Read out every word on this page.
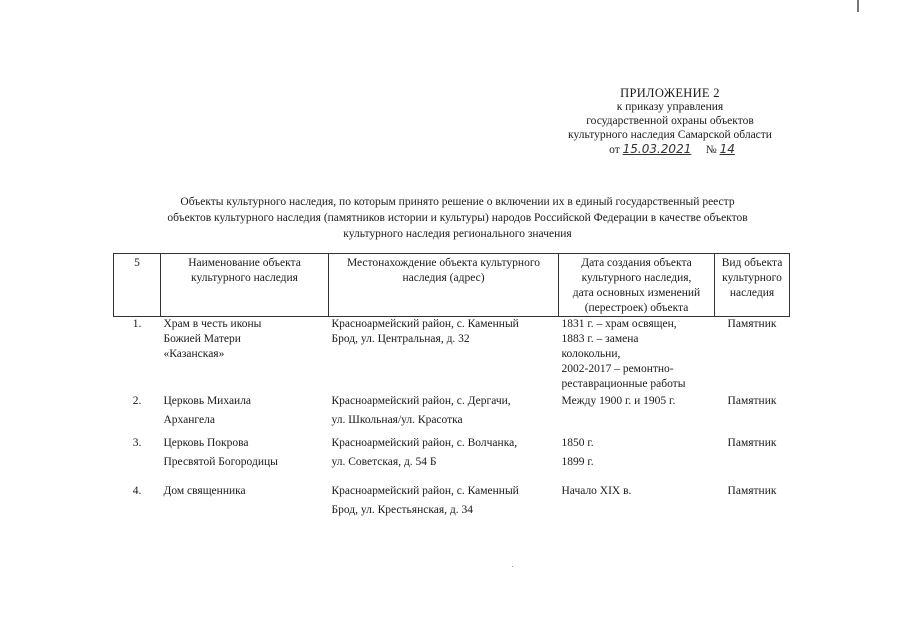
ПРИЛОЖЕНИЕ 2
к приказу управления
государственной охраны объектов
культурного наследия Самарской области
от 15.03.2021 № 14
Объекты культурного наследия, по которым принято решение о включении их в единый государственный реестр
объектов культурного наследия (памятников истории и культуры) народов Российской Федерации в качестве объектов
культурного наследия регионального значения
5	Наименование объекта
культурного наследия	Местонахождение объекта культурного
наследия (адрес)	Дата создания объекта
культурного наследия,
дата основных изменений
(перестроек) объекта	Вид объекта
культурного
наследия

1.	Храм в честь иконы
Божией Матери
«Казанская»	Красноармейский район, с. Каменный
Брод, ул. Центральная, д. 32	1831 г. – храм освящен,
1883 г. – замена
колокольни,
2002-2017 – ремонтно-
реставрационные работы	Памятник
2.	Церковь Михаила
Архангела	Красноармейский район, с. Дергачи,
ул. Школьная/ул. Красотка	Между 1900 г. и 1905 г.	Памятник
3.	Церковь Покрова
Пресвятой Богородицы	Красноармейский район, с. Волчанка,
ул. Советская, д. 54 Б	1850 г.
1899 г.	Памятник
4.	Дом священника	Красноармейский район, с. Каменный
Брод, ул. Крестьянская, д. 34	Начало XIX в.	Памятник
